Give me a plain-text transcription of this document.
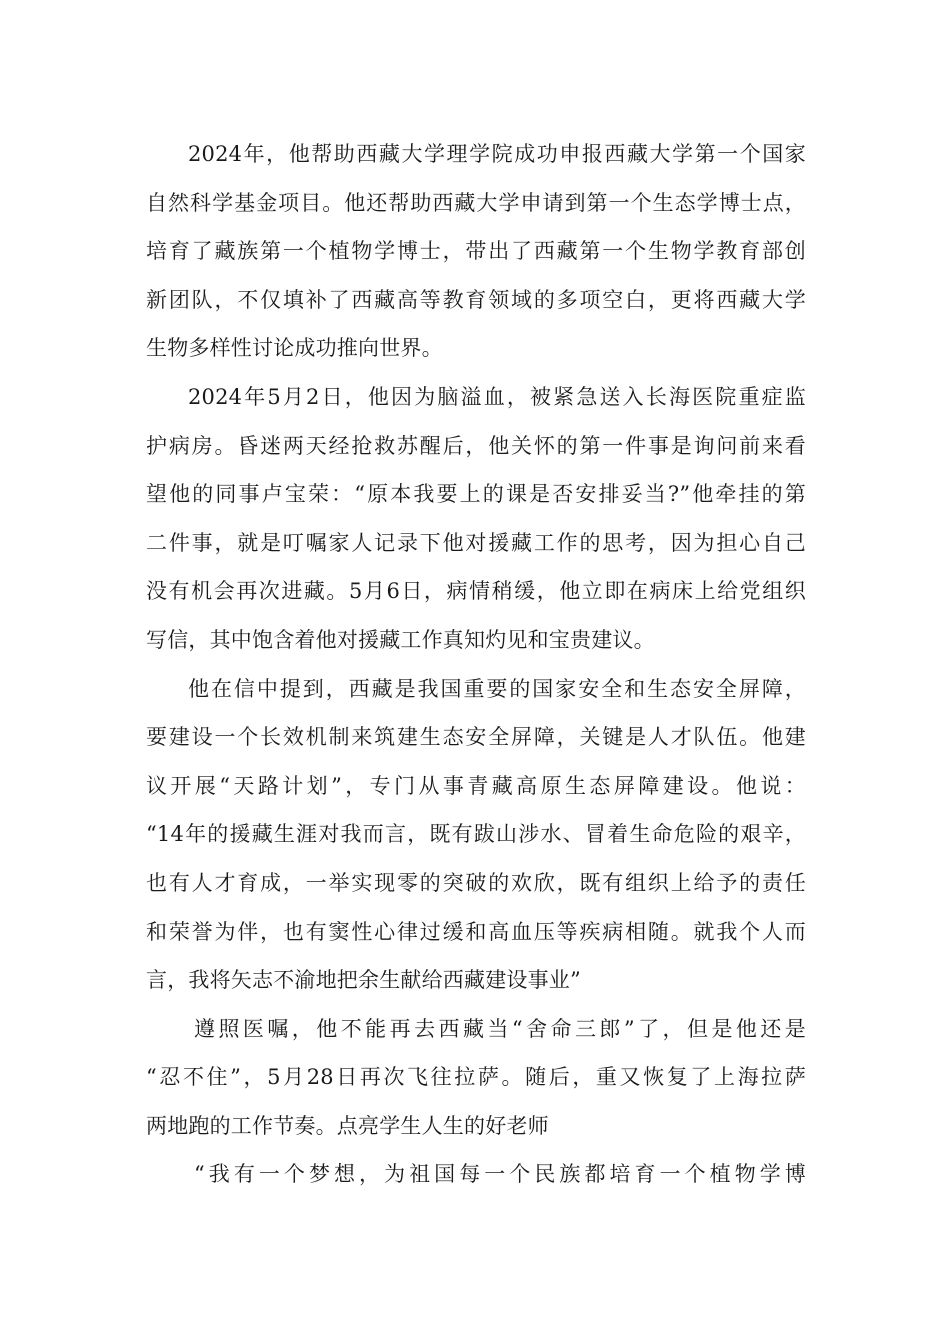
2024年，他帮助西藏大学理学院成功申报西藏大学第一个国家
自然科学基金项目。他还帮助西藏大学申请到第一个生态学博士点，
培育了藏族第一个植物学博士，带出了西藏第一个生物学教育部创
新团队，不仅填补了西藏高等教育领域的多项空白，更将西藏大学
生物多样性讨论成功推向世界。
2024年5月2日，他因为脑溢血，被紧急送入长海医院重症监
护病房。昏迷两天经抢救苏醒后，他关怀的第一件事是询问前来看
望他的同事卢宝荣：“原本我要上的课是否安排妥当?”他牵挂的第
二件事，就是叮嘱家人记录下他对援藏工作的思考，因为担心自己
没有机会再次进藏。5月6日，病情稍缓，他立即在病床上给党组织
写信，其中饱含着他对援藏工作真知灼见和宝贵建议。
他在信中提到，西藏是我国重要的国家安全和生态安全屏障，
要建设一个长效机制来筑建生态安全屏障，关键是人才队伍。他建
议开展“天路计划”，专门从事青藏高原生态屏障建设。他说：
“14年的援藏生涯对我而言，既有跋山涉水、冒着生命危险的艰辛，
也有人才育成，一举实现零的突破的欢欣，既有组织上给予的责任
和荣誉为伴，也有窦性心律过缓和高血压等疾病相随。就我个人而
言，我将矢志不渝地把余生献给西藏建设事业”
遵照医嘱，他不能再去西藏当“舍命三郎”了，但是他还是
“忍不住”，5月28日再次飞往拉萨。随后，重又恢复了上海拉萨
两地跑的工作节奏。点亮学生人生的好老师
“我有一个梦想，为祖国每一个民族都培育一个植物学博
